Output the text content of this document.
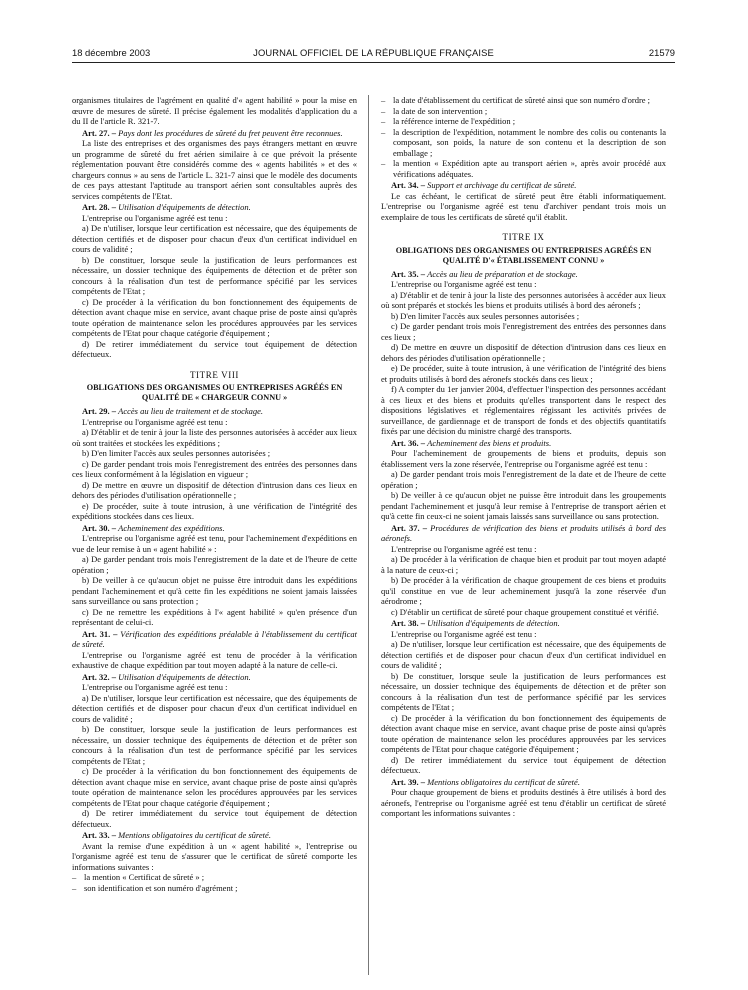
18 décembre 2003	JOURNAL OFFICIEL DE LA RÉPUBLIQUE FRANÇAISE	21579

organismes titulaires de l'agrément en qualité d'« agent habilité » pour la mise en œuvre de mesures de sûreté. Il précise également les modalités d'application du a du II de l'article R. 321-7.

Art. 27. – Pays dont les procédures de sûreté du fret peuvent être reconnues.

La liste des entreprises et des organismes des pays étrangers mettant en œuvre un programme de sûreté du fret aérien similaire à ce que prévoit la présente réglementation pouvant être considérés comme des « agents habilités » et des « chargeurs connus » au sens de l'article L. 321-7 ainsi que le modèle des documents de ces pays attestant l'aptitude au transport aérien sont consultables auprès des services compétents de l'Etat.

Art. 28. – Utilisation d'équipements de détection.

L'entreprise ou l'organisme agréé est tenu :

a) De n'utiliser, lorsque leur certification est nécessaire, que des équipements de détection certifiés et de disposer pour chacun d'eux d'un certificat individuel en cours de validité ;

b) De constituer, lorsque seule la justification de leurs performances est nécessaire, un dossier technique des équipements de détection et de prêter son concours à la réalisation d'un test de performance spécifié par les services compétents de l'Etat ;

c) De procéder à la vérification du bon fonctionnement des équipements de détection avant chaque mise en service, avant chaque prise de poste ainsi qu'après toute opération de maintenance selon les procédures approuvées par les services compétents de l'Etat pour chaque catégorie d'équipement ;

d) De retirer immédiatement du service tout équipement de détection défectueux.

TITRE VIII
OBLIGATIONS DES ORGANISMES OU ENTREPRISES AGRÉÉS EN QUALITÉ DE « CHARGEUR CONNU »

Art. 29. – Accès au lieu de traitement et de stockage.

L'entreprise ou l'organisme agréé est tenu :

a) D'établir et de tenir à jour la liste des personnes autorisées à accéder aux lieux où sont traitées et stockées les expéditions ;

b) D'en limiter l'accès aux seules personnes autorisées ;

c) De garder pendant trois mois l'enregistrement des entrées des personnes dans ces lieux conformément à la législation en vigueur ;

d) De mettre en œuvre un dispositif de détection d'intrusion dans ces lieux en dehors des périodes d'utilisation opérationnelle ;

e) De procéder, suite à toute intrusion, à une vérification de l'intégrité des expéditions stockées dans ces lieux.

Art. 30. – Acheminement des expéditions.

L'entreprise ou l'organisme agréé est tenu, pour l'acheminement d'expéditions en vue de leur remise à un « agent habilité » :

a) De garder pendant trois mois l'enregistrement de la date et de l'heure de cette opération ;

b) De veiller à ce qu'aucun objet ne puisse être introduit dans les expéditions pendant l'acheminement et qu'à cette fin les expéditions ne soient jamais laissées sans surveillance ou sans protection ;

c) De ne remettre les expéditions à l'« agent habilité » qu'en présence d'un représentant de celui-ci.

Art. 31. – Vérification des expéditions préalable à l'établissement du certificat de sûreté.

L'entreprise ou l'organisme agréé est tenu de procéder à la vérification exhaustive de chaque expédition par tout moyen adapté à la nature de celle-ci.

Art. 32. – Utilisation d'équipements de détection.

L'entreprise ou l'organisme agréé est tenu :

a) De n'utiliser, lorsque leur certification est nécessaire, que des équipements de détection certifiés et de disposer pour chacun d'eux d'un certificat individuel en cours de validité ;

b) De constituer, lorsque seule la justification de leurs performances est nécessaire, un dossier technique des équipements de détection et de prêter son concours à la réalisation d'un test de performance spécifié par les services compétents de l'Etat ;

c) De procéder à la vérification du bon fonctionnement des équipements de détection avant chaque mise en service, avant chaque prise de poste ainsi qu'après toute opération de maintenance selon les procédures approuvées par les services compétents de l'Etat pour chaque catégorie d'équipement ;

d) De retirer immédiatement du service tout équipement de détection défectueux.

Art. 33. – Mentions obligatoires du certificat de sûreté.

Avant la remise d'une expédition à un « agent habilité », l'entreprise ou l'organisme agréé est tenu de s'assurer que le certificat de sûreté comporte les informations suivantes :

– la mention « Certificat de sûreté » ;
– son identification et son numéro d'agrément ;
– la date d'établissement du certificat de sûreté ainsi que son numéro d'ordre ;
– la date de son intervention ;
– la référence interne de l'expédition ;
– la description de l'expédition, notamment le nombre des colis ou contenants la composant, son poids, la nature de son contenu et la description de son emballage ;
– la mention « Expédition apte au transport aérien », après avoir procédé aux vérifications adéquates.

Art. 34. – Support et archivage du certificat de sûreté.

Le cas échéant, le certificat de sûreté peut être établi informatiquement. L'entreprise ou l'organisme agréé est tenu d'archiver pendant trois mois un exemplaire de tous les certificats de sûreté qu'il établit.

TITRE IX
OBLIGATIONS DES ORGANISMES OU ENTREPRISES AGRÉÉS EN QUALITÉ D'« ÉTABLISSEMENT CONNU »

Art. 35. – Accès au lieu de préparation et de stockage.

L'entreprise ou l'organisme agréé est tenu :

a) D'établir et de tenir à jour la liste des personnes autorisées à accéder aux lieux où sont préparés et stockés les biens et produits utilisés à bord des aéronefs ;

b) D'en limiter l'accès aux seules personnes autorisées ;

c) De garder pendant trois mois l'enregistrement des entrées des personnes dans ces lieux ;

d) De mettre en œuvre un dispositif de détection d'intrusion dans ces lieux en dehors des périodes d'utilisation opérationnelle ;

e) De procéder, suite à toute intrusion, à une vérification de l'intégrité des biens et produits utilisés à bord des aéronefs stockés dans ces lieux ;

f) A compter du 1er janvier 2004, d'effectuer l'inspection des personnes accédant à ces lieux et des biens et produits qu'elles transportent dans le respect des dispositions législatives et réglementaires régissant les activités privées de surveillance, de gardiennage et de transport de fonds et des objectifs quantitatifs fixés par une décision du ministre chargé des transports.

Art. 36. – Acheminement des biens et produits.

Pour l'acheminement de groupements de biens et produits, depuis son établissement vers la zone réservée, l'entreprise ou l'organisme agréé est tenu :

a) De garder pendant trois mois l'enregistrement de la date et de l'heure de cette opération ;

b) De veiller à ce qu'aucun objet ne puisse être introduit dans les groupements pendant l'acheminement et jusqu'à leur remise à l'entreprise de transport aérien et qu'à cette fin ceux-ci ne soient jamais laissés sans surveillance ou sans protection.

Art. 37. – Procédures de vérification des biens et produits utilisés à bord des aéronefs.

L'entreprise ou l'organisme agréé est tenu :

a) De procéder à la vérification de chaque bien et produit par tout moyen adapté à la nature de ceux-ci ;

b) De procéder à la vérification de chaque groupement de ces biens et produits qu'il constitue en vue de leur acheminement jusqu'à la zone réservée d'un aérodrome ;

c) D'établir un certificat de sûreté pour chaque groupement constitué et vérifié.

Art. 38. – Utilisation d'équipements de détection.

L'entreprise ou l'organisme agréé est tenu :

a) De n'utiliser, lorsque leur certification est nécessaire, que des équipements de détection certifiés et de disposer pour chacun d'eux d'un certificat individuel en cours de validité ;

b) De constituer, lorsque seule la justification de leurs performances est nécessaire, un dossier technique des équipements de détection et de prêter son concours à la réalisation d'un test de performance spécifié par les services compétents de l'Etat ;

c) De procéder à la vérification du bon fonctionnement des équipements de détection avant chaque mise en service, avant chaque prise de poste ainsi qu'après toute opération de maintenance selon les procédures approuvées par les services compétents de l'Etat pour chaque catégorie d'équipement ;

d) De retirer immédiatement du service tout équipement de détection défectueux.

Art. 39. – Mentions obligatoires du certificat de sûreté.

Pour chaque groupement de biens et produits destinés à être utilisés à bord des aéronefs, l'entreprise ou l'organisme agréé est tenu d'établir un certificat de sûreté comportant les informations suivantes :
